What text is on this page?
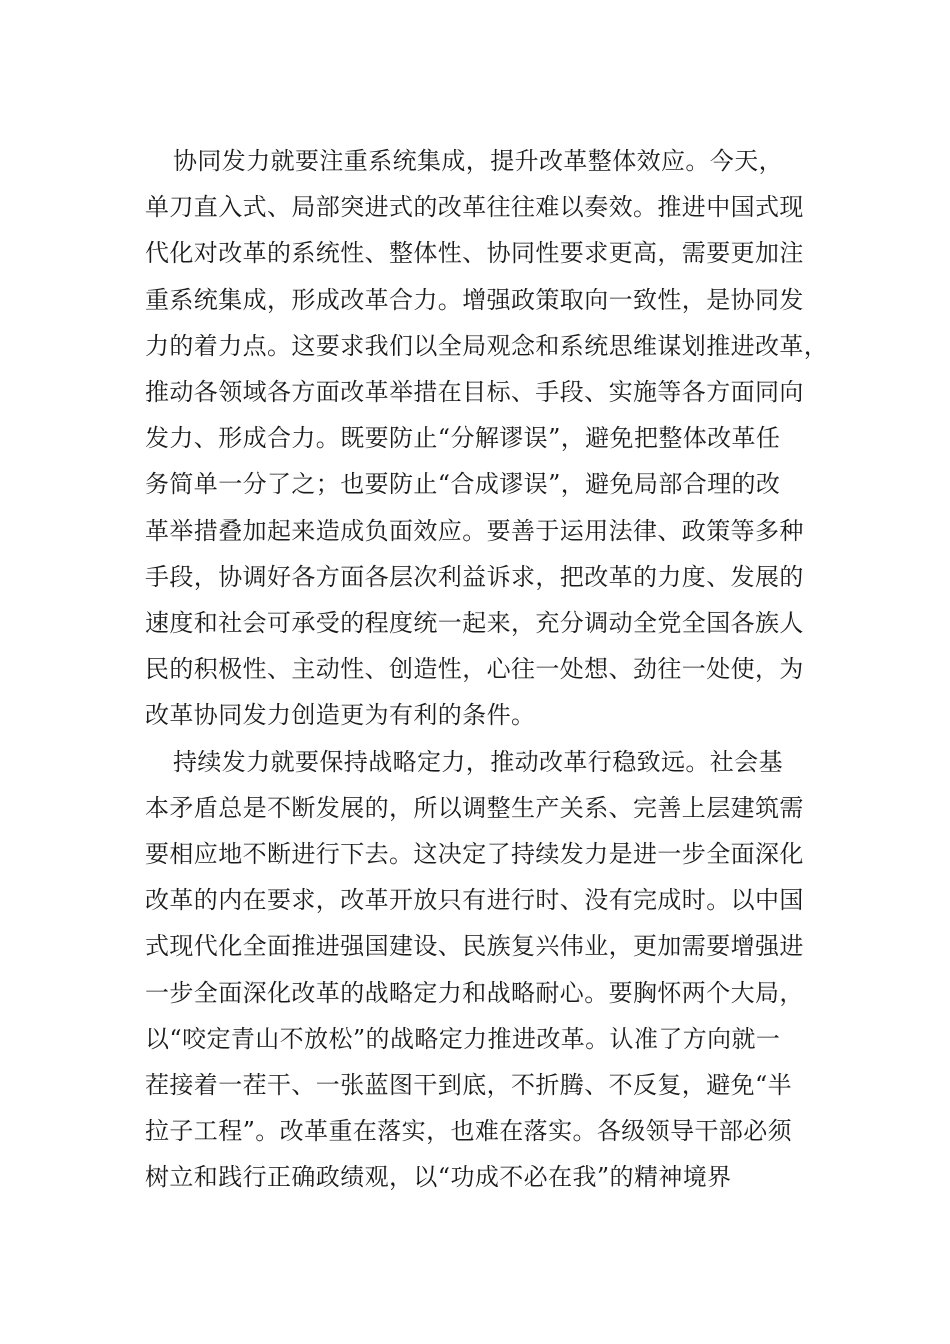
协同发力就要注重系统集成，提升改革整体效应。今天，
单刀直入式、局部突进式的改革往往难以奏效。推进中国式现
代化对改革的系统性、整体性、协同性要求更高，需要更加注
重系统集成，形成改革合力。增强政策取向一致性，是协同发
力的着力点。这要求我们以全局观念和系统思维谋划推进改革，
推动各领域各方面改革举措在目标、手段、实施等各方面同向
发力、形成合力。既要防止“分解谬误”，避免把整体改革任
务简单一分了之；也要防止“合成谬误”，避免局部合理的改
革举措叠加起来造成负面效应。要善于运用法律、政策等多种
手段，协调好各方面各层次利益诉求，把改革的力度、发展的
速度和社会可承受的程度统一起来，充分调动全党全国各族人
民的积极性、主动性、创造性，心往一处想、劲往一处使，为
改革协同发力创造更为有利的条件。
持续发力就要保持战略定力，推动改革行稳致远。社会基
本矛盾总是不断发展的，所以调整生产关系、完善上层建筑需
要相应地不断进行下去。这决定了持续发力是进一步全面深化
改革的内在要求，改革开放只有进行时、没有完成时。以中国
式现代化全面推进强国建设、民族复兴伟业，更加需要增强进
一步全面深化改革的战略定力和战略耐心。要胸怀两个大局，
以“咬定青山不放松”的战略定力推进改革。认准了方向就一
茬接着一茬干、一张蓝图干到底，不折腾、不反复，避免“半
拉子工程”。改革重在落实，也难在落实。各级领导干部必须
树立和践行正确政绩观，以“功成不必在我”的精神境界
